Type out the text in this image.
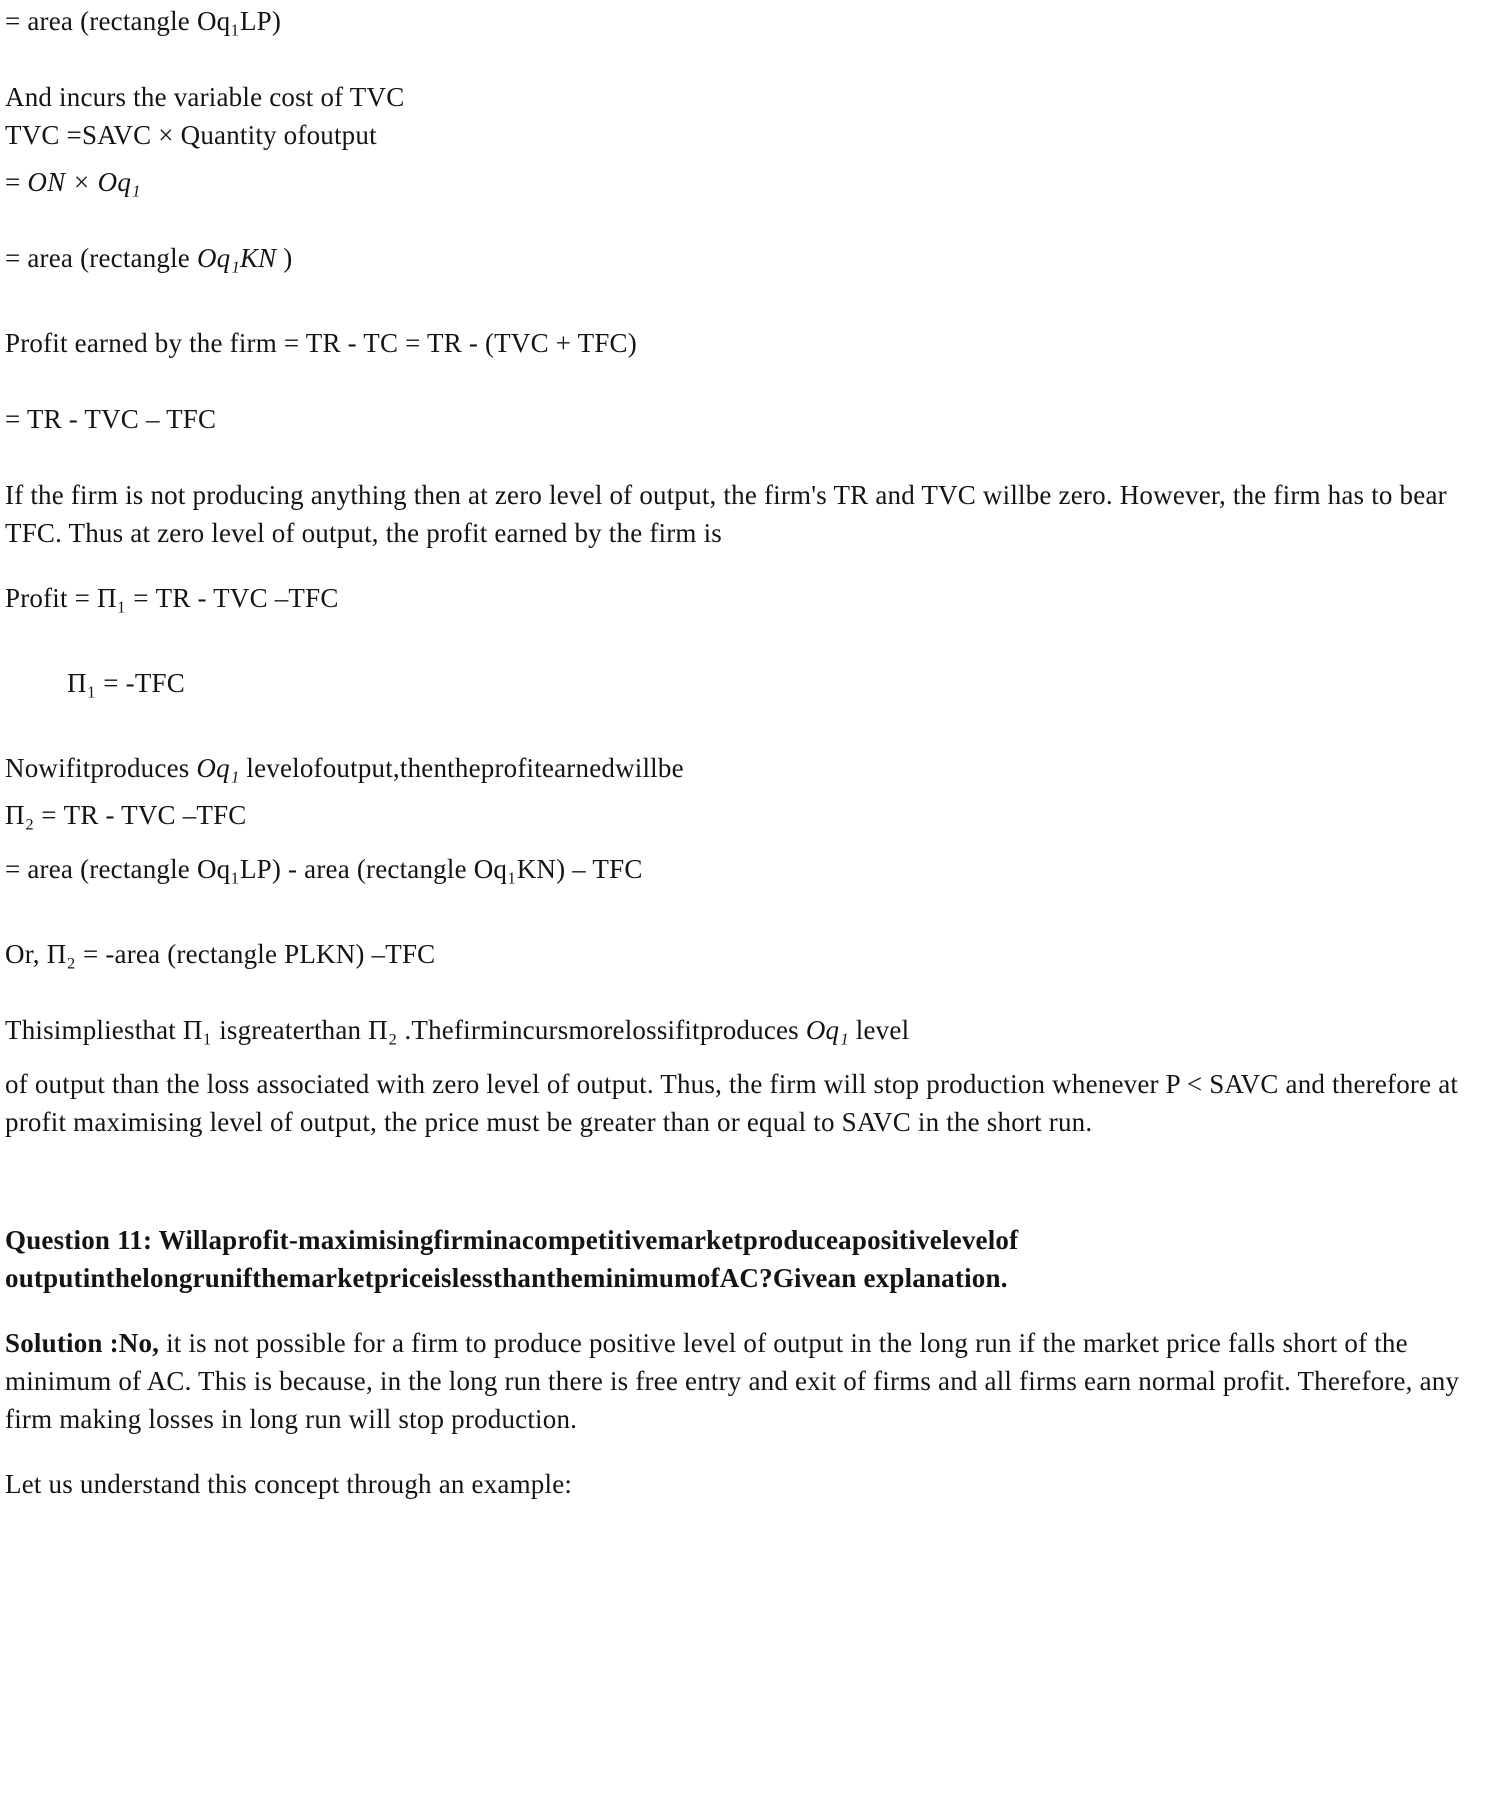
= area (rectangle Oq₁LP)

And incurs the variable cost of TVC

TVC =SAVC × Quantity ofoutput

= ON × Oq₁

= area (rectangle Oq₁KN )

Profit earned by the firm = TR - TC = TR - (TVC + TFC)

= TR - TVC – TFC

If the firm is not producing anything then at zero level of output, the firm's TR and TVC willbe zero. However, the firm has to bear TFC. Thus at zero level of output, the profit earned by the firm is

Profit = Π₁ = TR - TVC –TFC

Π₁ = -TFC

Nowifitproduces Oq₁ levelofoutput,thentheprofitearnedwillbe

Π₂ = TR - TVC –TFC

= area (rectangle Oq₁LP) - area (rectangle Oq₁KN) – TFC

Or, Π₂ = -area (rectangle PLKN) –TFC

Thisimpliesthat Π₁ isgreaterthan Π₂ .Thefirmincursmorelossifitproduces Oq₁ level

of output than the loss associated with zero level of output. Thus, the firm will stop production whenever P < SAVC and therefore at profit maximising level of output, the price must be greater than or equal to SAVC in the short run.

Question 11: Willaprofit-maximisingfirminacompetitivemarketproduceapositivelevelof outputinthelongrunifthemarketpriceislessthantheminimumofAC?Givean explanation.

Solution :No, it is not possible for a firm to produce positive level of output in the long run if the market price falls short of the minimum of AC. This is because, in the long run there is free entry and exit of firms and all firms earn normal profit. Therefore, any firm making losses in long run will stop production.

Let us understand this concept through an example:
